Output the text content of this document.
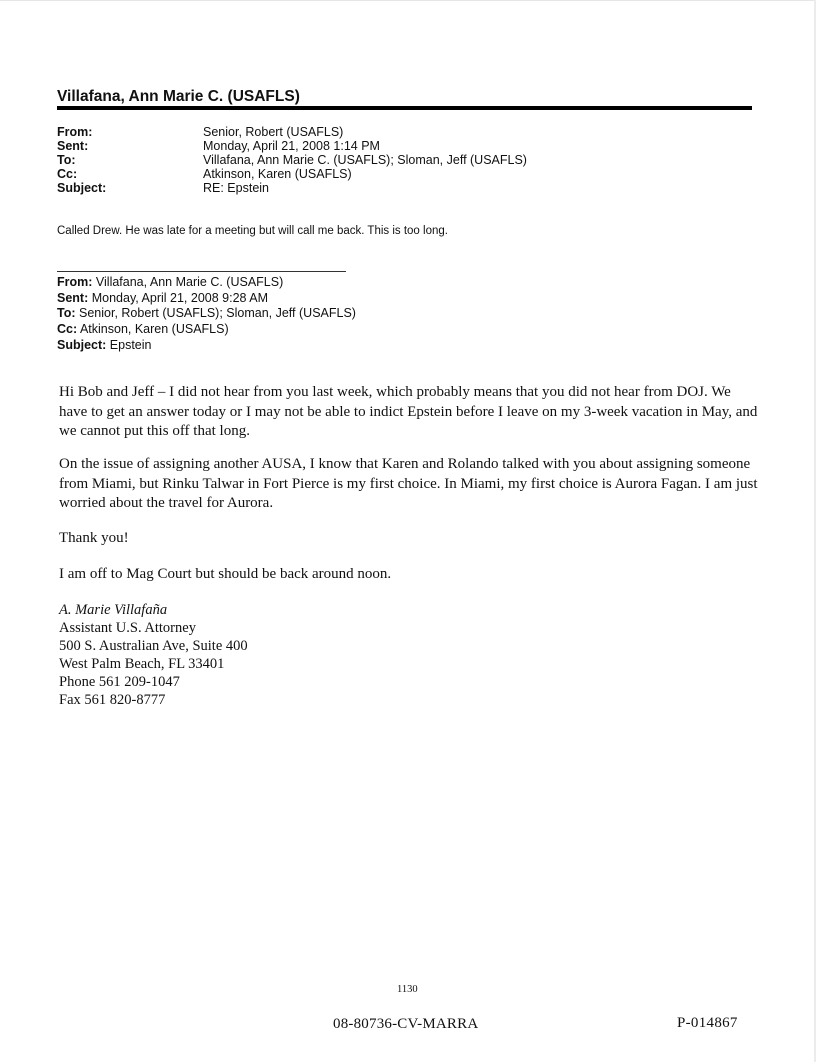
Villafana, Ann Marie C. (USAFLS)
From:	Senior, Robert (USAFLS)
Sent:	Monday, April 21, 2008 1:14 PM
To:	Villafana, Ann Marie C. (USAFLS); Sloman, Jeff (USAFLS)
Cc:	Atkinson, Karen (USAFLS)
Subject:	RE: Epstein
Called Drew. He was late for a meeting but will call me back. This is too long.
From: Villafana, Ann Marie C. (USAFLS)
Sent: Monday, April 21, 2008 9:28 AM
To: Senior, Robert (USAFLS); Sloman, Jeff (USAFLS)
Cc: Atkinson, Karen (USAFLS)
Subject: Epstein
Hi Bob and Jeff – I did not hear from you last week, which probably means that you did not hear from DOJ. We have to get an answer today or I may not be able to indict Epstein before I leave on my 3-week vacation in May, and we cannot put this off that long.
On the issue of assigning another AUSA, I know that Karen and Rolando talked with you about assigning someone from Miami, but Rinku Talwar in Fort Pierce is my first choice. In Miami, my first choice is Aurora Fagan. I am just worried about the travel for Aurora.
Thank you!
I am off to Mag Court but should be back around noon.
A. Marie Villafaña
Assistant U.S. Attorney
500 S. Australian Ave, Suite 400
West Palm Beach, FL 33401
Phone 561 209-1047
Fax 561 820-8777
1130
08-80736-CV-MARRA	P-014867
